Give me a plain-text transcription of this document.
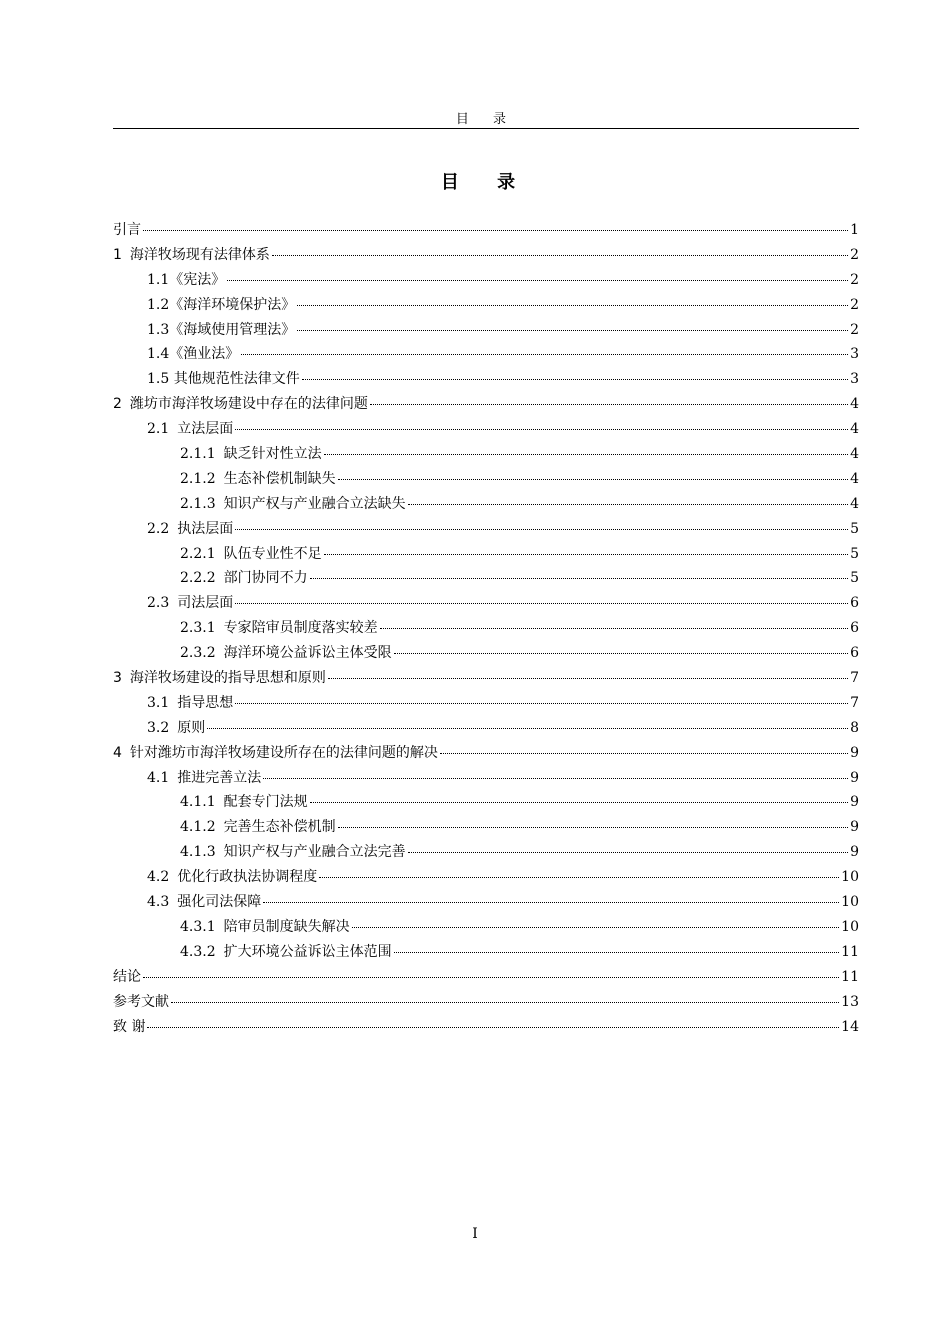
目 录
目 录
引言	1
1 海洋牧场现有法律体系	2
1.1《宪法》	2
1.2《海洋环境保护法》	2
1.3《海域使用管理法》	2
1.4《渔业法》	3
1.5 其他规范性法律文件	3
2 潍坊市海洋牧场建设中存在的法律问题	4
2.1 立法层面	4
2.1.1 缺乏针对性立法	4
2.1.2 生态补偿机制缺失	4
2.1.3 知识产权与产业融合立法缺失	4
2.2 执法层面	5
2.2.1 队伍专业性不足	5
2.2.2 部门协同不力	5
2.3 司法层面	6
2.3.1 专家陪审员制度落实较差	6
2.3.2 海洋环境公益诉讼主体受限	6
3 海洋牧场建设的指导思想和原则	7
3.1 指导思想	7
3.2 原则	8
4 针对潍坊市海洋牧场建设所存在的法律问题的解决	9
4.1 推进完善立法	9
4.1.1 配套专门法规	9
4.1.2 完善生态补偿机制	9
4.1.3 知识产权与产业融合立法完善	9
4.2 优化行政执法协调程度	10
4.3 强化司法保障	10
4.3.1 陪审员制度缺失解决	10
4.3.2 扩大环境公益诉讼主体范围	11
结论	11
参考文献	13
致 谢	14
I
